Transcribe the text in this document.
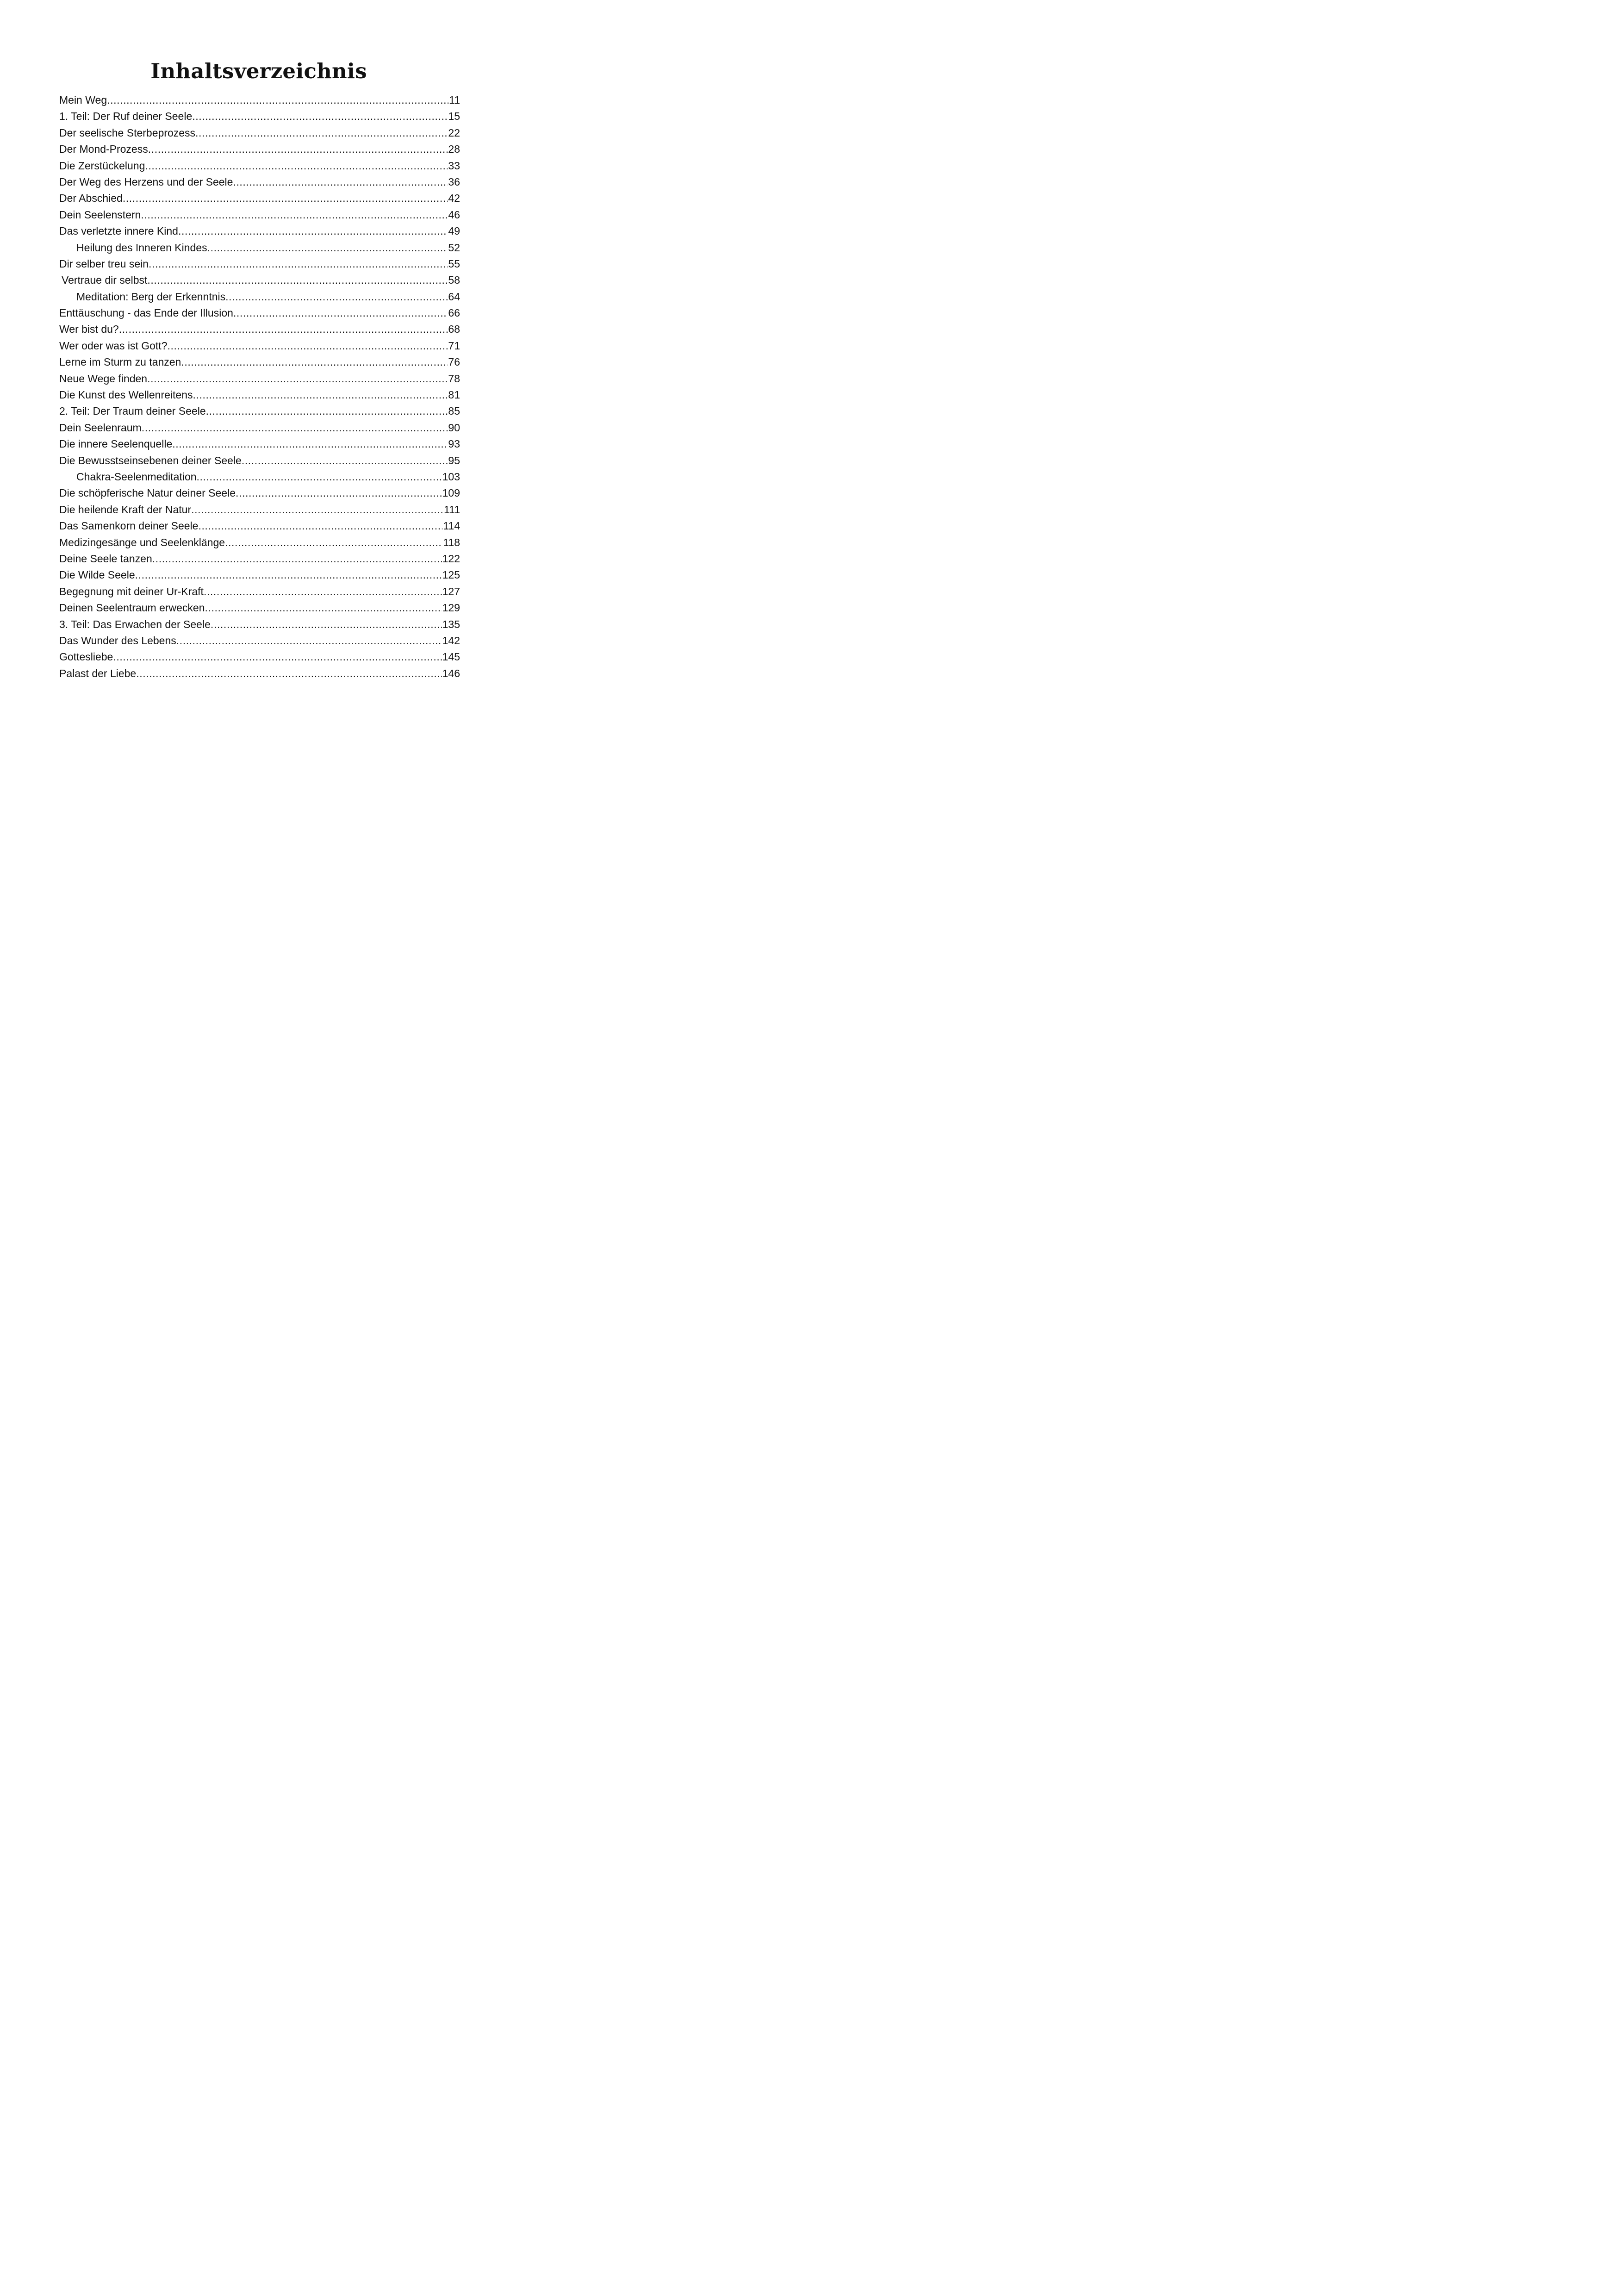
Inhaltsverzeichnis
Mein Weg .....	11
1. Teil: Der Ruf deiner Seele .....	15
Der seelische Sterbeprozess .....	22
Der Mond-Prozess .....	28
Die Zerstückelung .....	33
Der Weg des Herzens und der Seele .....	36
Der Abschied .....	42
Dein Seelenstern .....	46
Das verletzte innere Kind .....	49
Heilung des Inneren Kindes .....	52
Dir selber treu sein .....	55
Vertraue dir selbst .....	58
Meditation: Berg der Erkenntnis .....	64
Enttäuschung - das Ende der Illusion .....	66
Wer bist du? .....	68
Wer oder was ist Gott? .....	71
Lerne im Sturm zu tanzen .....	76
Neue Wege finden .....	78
Die Kunst des Wellenreitens .....	81
2. Teil: Der Traum deiner Seele .....	85
Dein Seelenraum .....	90
Die innere Seelenquelle .....	93
Die Bewusstseinsebenen deiner Seele .....	95
Chakra-Seelenmeditation .....	103
Die schöpferische Natur deiner Seele .....	109
Die heilende Kraft der Natur .....	111
Das Samenkorn deiner Seele .....	114
Medizingesänge und Seelenklänge .....	118
Deine Seele tanzen .....	122
Die Wilde Seele .....	125
Begegnung mit deiner Ur-Kraft .....	127
Deinen Seelentraum erwecken .....	129
3. Teil: Das Erwachen der Seele .....	135
Das Wunder des Lebens .....	142
Gottesliebe .....	145
Palast der Liebe .....	146
